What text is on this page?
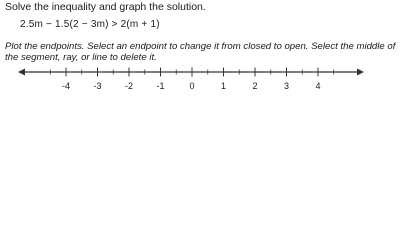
Solve the inequality and graph the solution.
2.5m − 1.5(2 − 3m) > 2(m + 1)
Plot the endpoints. Select an endpoint to change it from closed to open. Select the middle of
the segment, ray, or line to delete it.
-4	-3	-2	-1	0	1	2	3	4
